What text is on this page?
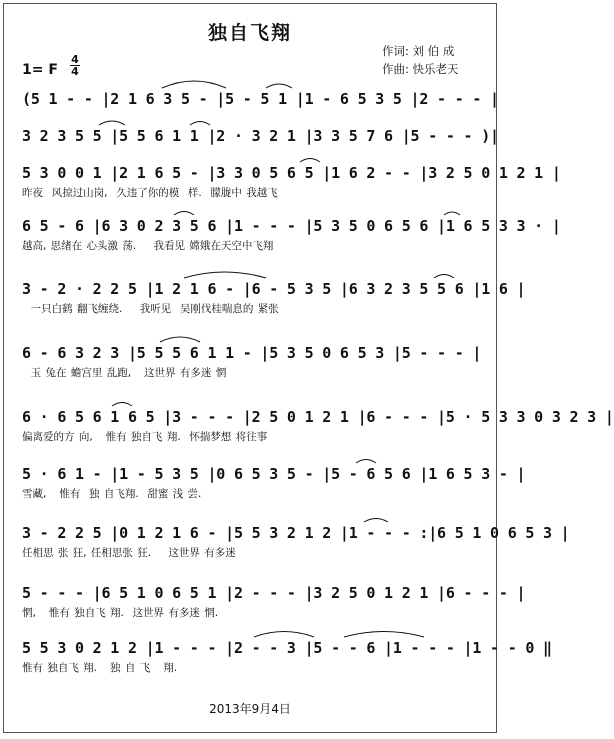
独自飞翔
作词: 刘 伯 成
作曲: 快乐老天
1= F
4
4
(5 1 - - |2 1 6 3 5 - |5 - 5 1 |1 - 6 5 3 5 |2 - - - |
3 2 3 5 5 |5 5 6 1 1 |2 · 3 2 1 |3 3 5 7 6 |5 - - - )|
5 3 0 0 1 |2 1 6 5 - |3 3 0 5 6 5 |1 6 2 - - |3 2 5 0 1 2 1 |
昨夜  风掠过山岗,  久违了你的模  样.  朦胧中 我越飞
6 5 - 6 |6 3 0 2 3 5 6 |1 - - - |5 3 5 0 6 5 6 |1 6 5 3 3 · |
越高, 思绪在 心头激 荡.    我看见 嫦娥在天空中飞翔
3 - 2 · 2 2 5 |1 2 1 6 - |6 - 5 3 5 |6 3 2 3 5 5 6 |1 6 |
一只白鹤 翻飞缠绕.    我听见  吴刚伐桂喘息的 紧张
6 - 6 3 2 3 |5 5 5 6 1 1 - |5 3 5 0 6 5 3 |5 - - - |
玉 兔在 蟾宫里 乱跑,   这世界 有多迷 惘
6 · 6 5 6 1 6 5 |3 - - - |2 5 0 1 2 1 |6 - - - |5 · 5 3 3 0 3 2 3 |
偏离爱的方 向,   惟有 独自飞 翔.  怀揣梦想 将往事
5 · 6 1 - |1 - 5 3 5 |0 6 5 3 5 - |5 - 6 5 6 |1 6 5 3 - |
雪藏,   惟有  独 自飞翔.  甜蜜 浅 尝.
3 - 2 2 5 |0 1 2 1 6 - |5 5 3 2 1 2 |1 - - - :|6 5 1 0 6 5 3 |
任相思 张 狂, 任相思张 狂.    这世界 有多迷
5 - - - |6 5 1 0 6 5 1 |2 - - - |3 2 5 0 1 2 1 |6 - - - |
惘,   惟有 独自飞 翔.  这世界 有多迷 惘.
5 5 3 0 2 1 2 |1 - - - |2 - - 3 |5 - - 6 |1 - - - |1 - - 0 ‖
惟有 独自飞 翔.   独 自 飞   翔.
2013年9月4日
